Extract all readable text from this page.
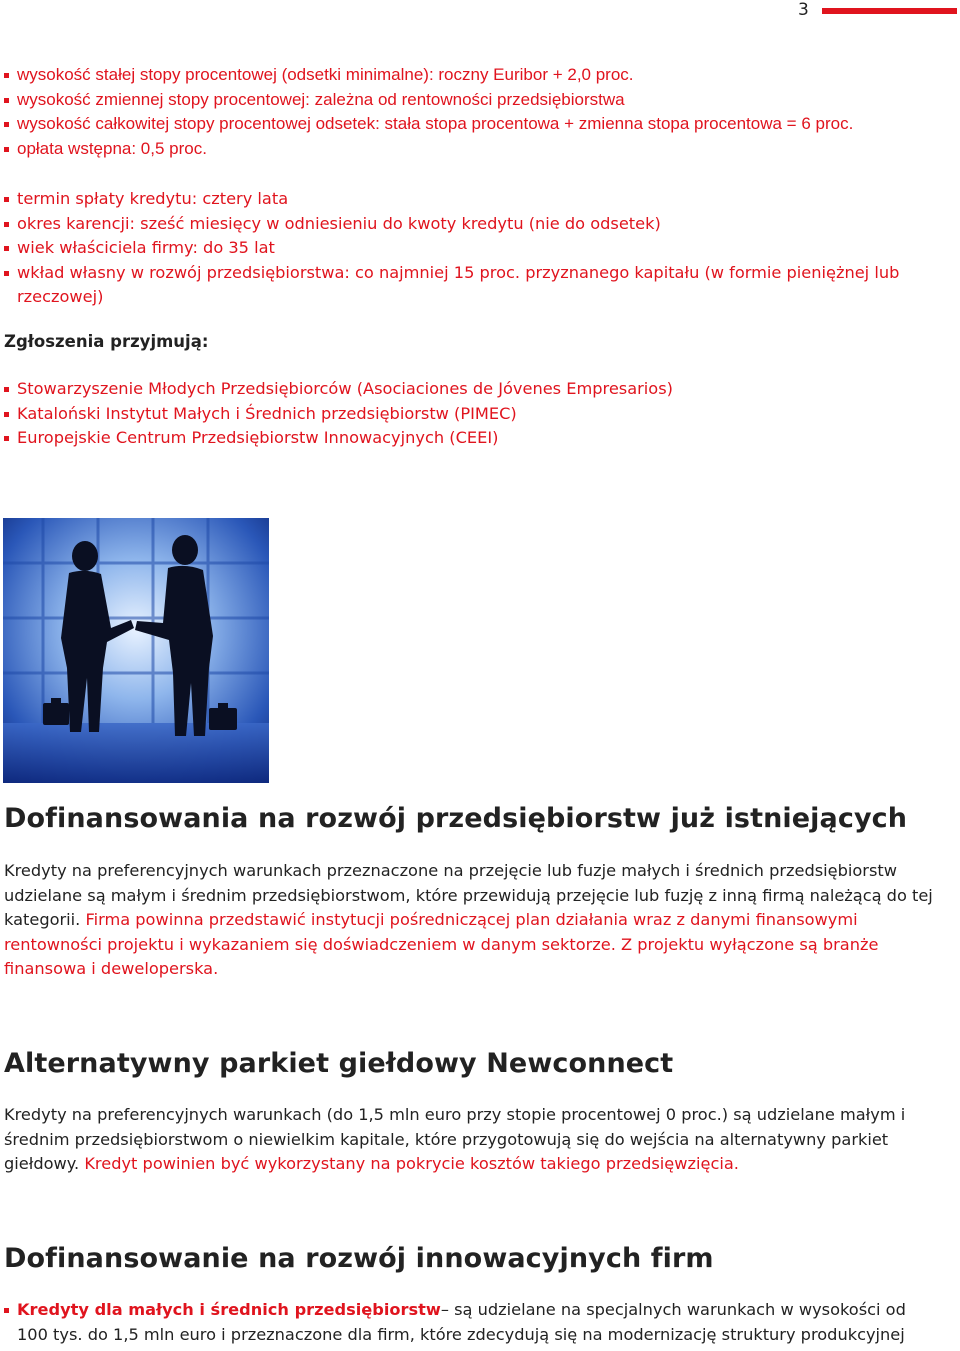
3
wysokość stałej stopy procentowej (odsetki minimalne): roczny Euribor + 2,0 proc.
wysokość zmiennej stopy procentowej: zależna od rentowności przedsiębiorstwa
wysokość całkowitej stopy procentowej odsetek: stała stopa procentowa + zmienna stopa procentowa = 6 proc.
opłata wstępna: 0,5 proc.
termin spłaty kredytu: cztery lata
okres karencji: sześć miesięcy w odniesieniu do kwoty kredytu (nie do odsetek)
wiek właściciela firmy: do 35 lat
wkład własny w rozwój przedsiębiorstwa: co najmniej 15 proc. przyznanego kapitału (w formie pieniężnej lub rzeczowej)
Zgłoszenia przyjmują:
Stowarzyszenie Młodych Przedsiębiorców (Asociaciones de Jóvenes Empresarios)
Kataloński Instytut Małych i Średnich przedsiębiorstw (PIMEC)
Europejskie Centrum Przedsiębiorstw Innowacyjnych (CEEI)
Dofinansowania na rozwój przedsiębiorstw już istniejących

Kredyty na preferencyjnych warunkach przeznaczone na przejęcie lub fuzje małych i średnich przedsiębiorstw udzielane są małym i średnim przedsiębiorstwom, które przewidują przejęcie lub fuzję z inną firmą należącą do tej kategorii. Firma powinna przedstawić instytucji pośredniczącej plan działania wraz z danymi finansowymi rentowności projektu i wykazaniem się doświadczeniem w danym sektorze. Z projektu wyłączone są branże finansowa i deweloperska.

Alternatywny parkiet giełdowy Newconnect

Kredyty na preferencyjnych warunkach (do 1,5 mln euro przy stopie procentowej 0 proc.) są udzielane małym i średnim przedsiębiorstwom o niewielkim kapitale, które przygotowują się do wejścia na alternatywny parkiet giełdowy. Kredyt powinien być wykorzystany na pokrycie kosztów takiego przedsięwzięcia.

Dofinansowanie na rozwój innowacyjnych firm
Kredyty dla małych i średnich przedsiębiorstw– są udzielane na specjalnych warunkach w wysokości od 100 tys. do 1,5 mln euro i przeznaczone dla firm, które zdecydują się na modernizację struktury produkcyjnej
